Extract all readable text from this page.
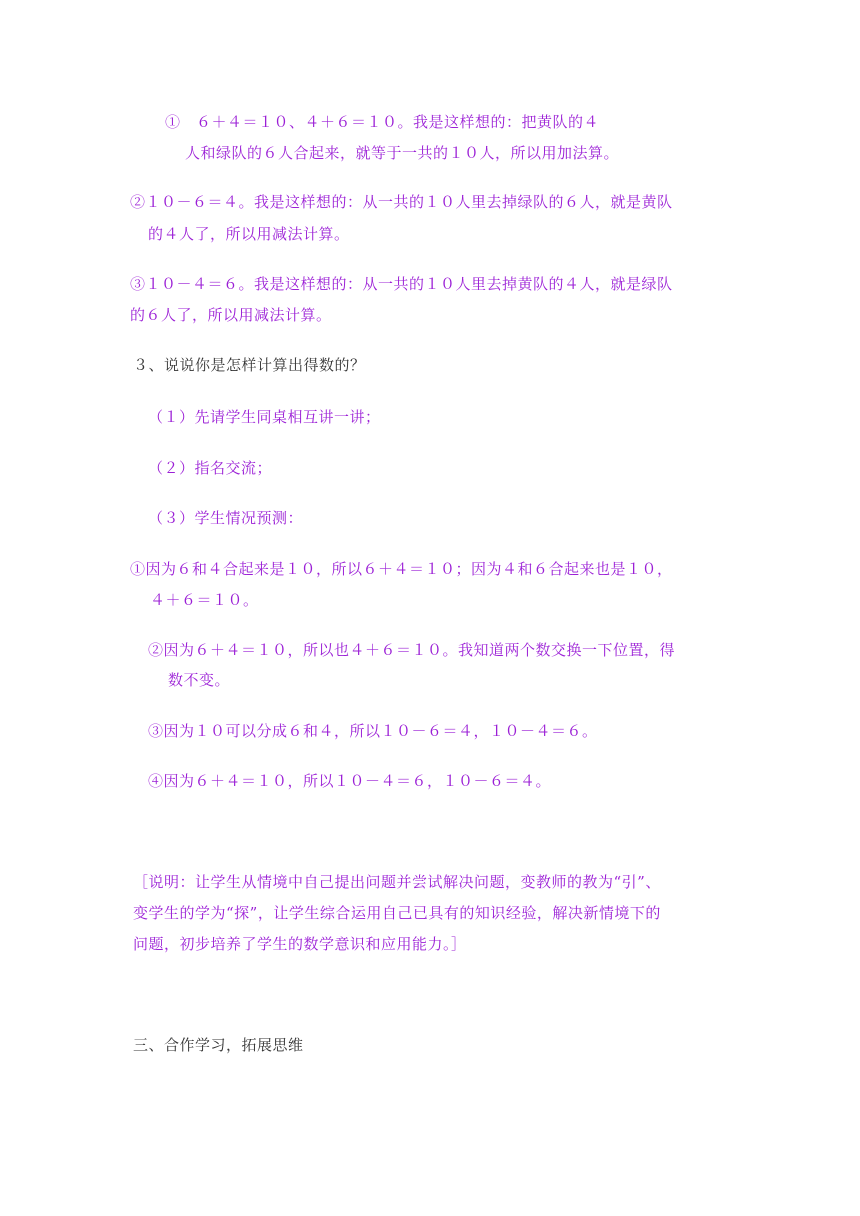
①　６＋４＝１０、４＋６＝１０。我是这样想的：把黄队的４
人和绿队的６人合起来，就等于一共的１０人，所以用加法算。
②１０－６＝４。我是这样想的：从一共的１０人里去掉绿队的６人，就是黄队
的４人了，所以用减法计算。
③１０－４＝６。我是这样想的：从一共的１０人里去掉黄队的４人，就是绿队
的６人了，所以用减法计算。
３、说说你是怎样计算出得数的？
（１）先请学生同桌相互讲一讲；
（２）指名交流；
（３）学生情况预测：
①因为６和４合起来是１０，所以６＋４＝１０；因为４和６合起来也是１０，
４＋６＝１０。
②因为６＋４＝１０，所以也４＋６＝１０。我知道两个数交换一下位置，得
数不变。
③因为１０可以分成６和４，所以１０－６＝４，１０－４＝６。
④因为６＋４＝１０，所以１０－４＝６，１０－６＝４。
［说明：让学生从情境中自己提出问题并尝试解决问题，变教师的教为“引”、
变学生的学为“探”，让学生综合运用自己已具有的知识经验，解决新情境下的
问题，初步培养了学生的数学意识和应用能力。］
三、合作学习，拓展思维
